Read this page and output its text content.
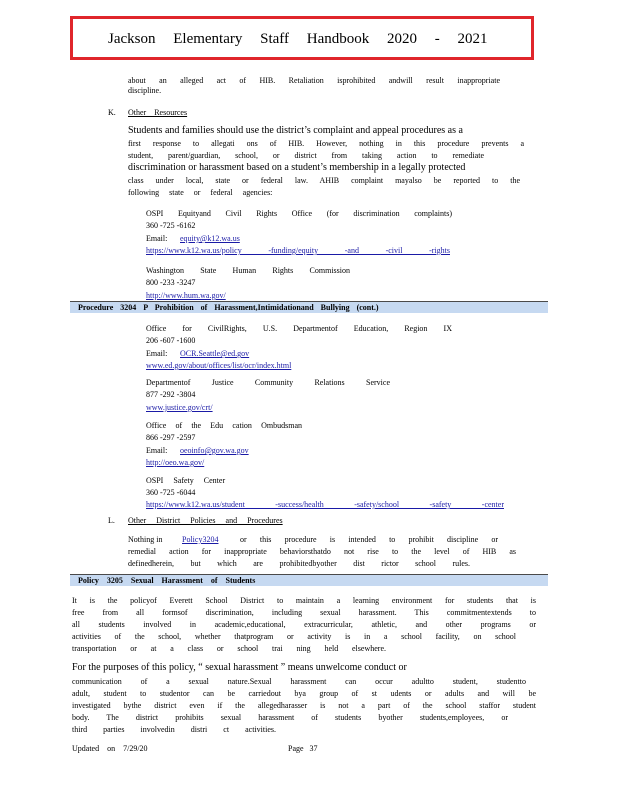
Jackson Elementary Staff Handbook 2020 - 2021
about an alleged act of HIB. Retaliation isprohibited andwill result inappropriate
discipline.
K. Other Resources
Students and families should use the district’s complaint and appeal procedures as a
first response to allegati ons of HIB. However, nothing in this procedure prevents a
student, parent/guardian, school, or district from taking action to remediate
discrimination or harassment based on a student’s membership in a legally protected
class under local, state or federal law. AHIB complaint mayalso be reported to the
following state or federal agencies:
OSPI Equityand Civil Rights Office (for discrimination complaints)
360 -725 -6162
Email: equity@k12.wa.us
https://www.k12.wa.us/policy -funding/equity -and -civil -rights
Washington State Human Rights Commission
800 -233 -3247
http://www.hum.wa.gov/
Procedure 3204 P Prohibition of Harassment,Intimidationand Bullying (cont.)
Office for CivilRights, U.S. Departmentof Education, Region IX
206 -607 -1600
Email: OCR.Seattle@ed.gov
www.ed.gov/about/offices/list/ocr/index.html
Departmentof Justice Community Relations Service
877 -292 -3804
www.justice.gov/crt/
Office of the Edu cation Ombudsman
866 -297 -2597
Email: oeoinfo@gov.wa.gov
http://oeo.wa.gov/
OSPI Safety Center
360 -725 -6044
https://www.k12.wa.us/student -success/health -safety/school -safety -center
L. Other District Policies and Procedures
Nothing in Policy3204	or this procedure is intended to prohibit discipline or
remedial action for inappropriate behaviorsthatdo not rise to the level of HIB as
definedherein, but which are prohibitedbyother dist rictor school rules.
Policy 3205 Sexual Harassment of Students
It is the policyof Everett School District to maintain a learning environment for students that is
free from all formsof discrimination, including sexual harassment. This commitmentextends to
all students involved in academic,educational, extracurricular, athletic, and other programs or
activities of the school, whether thatprogram or activity is in a school facility, on school
transportation or at a class or school trai ning held elsewhere.
For the purposes of this policy, “ sexual harassment ” means unwelcome conduct or
communication of a sexual nature.Sexual harassment can occur adultto student, studentto
adult, student to studentor can be carriedout bya group of st udents or adults and will be
investigated bythe district even if the allegedharasser is not a part of the school staffor student
body. The district prohibits sexual harassment of students byother students,employees, or
third parties involvedin distri ct activities.
Updated on 7/29/20	Page 37
